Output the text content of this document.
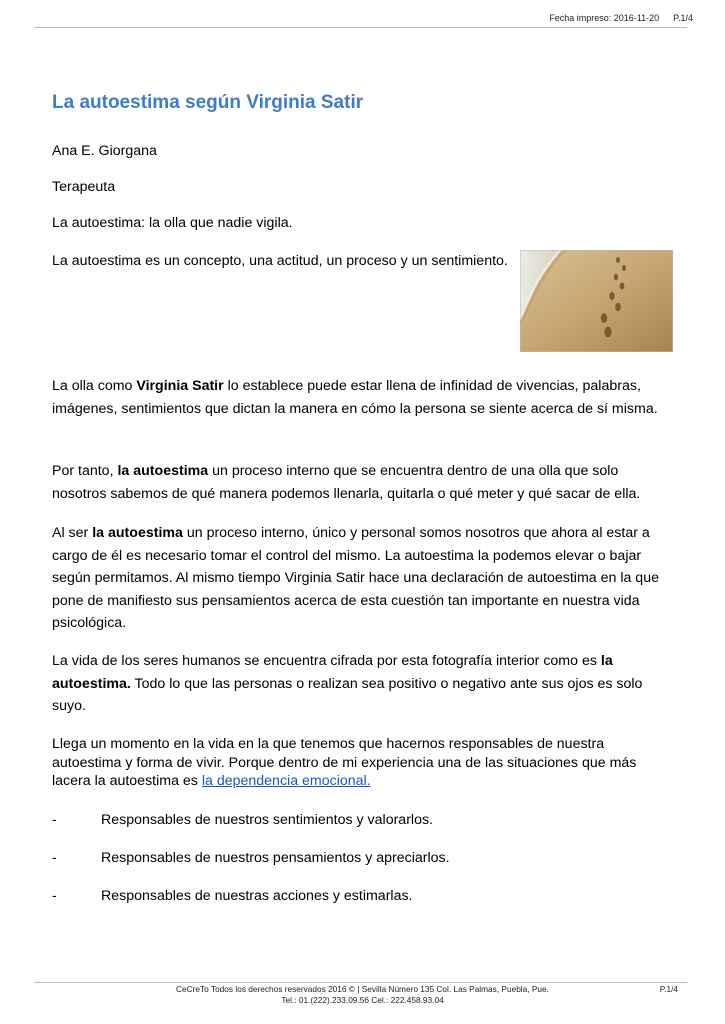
Fecha impreso: 2016-11-20 P.1/4
La autoestima según Virginia Satir

Ana E. Giorgana

Terapeuta

La autoestima: la olla que nadie vigila.

La autoestima es un concepto, una actitud, un proceso y un sentimiento.

La olla como Virginia Satir lo establece puede estar llena de infinidad de vivencias, palabras, imágenes, sentimientos que dictan la manera en cómo la persona se siente acerca de sí misma.

Por tanto, la autoestima un proceso interno que se encuentra dentro de una olla que solo nosotros sabemos de qué manera podemos llenarla, quitarla o qué meter y qué sacar de ella.

Al ser la autoestima un proceso interno, único y personal somos nosotros que ahora al estar a cargo de él es necesario tomar el control del mismo. La autoestima la podemos elevar o bajar según permitamos. Al mismo tiempo Virginia Satir hace una declaración de autoestima en la que pone de manifiesto sus pensamientos acerca de esta cuestión tan importante en nuestra vida psicológica.

La vida de los seres humanos se encuentra cifrada por esta fotografía interior como es la autoestima. Todo lo que las personas o realizan sea positivo o negativo ante sus ojos es solo suyo.

Llega un momento en la vida en la que tenemos que hacernos responsables de nuestra autoestima y forma de vivir. Porque dentro de mi experiencia una de las situaciones que más lacera la autoestima es la dependencia emocional.

-	Responsables de nuestros sentimientos y valorarlos.
-	Responsables de nuestros pensamientos y apreciarlos.
-	Responsables de nuestras acciones y estimarlas.
CeCreTo Todos los derechos reservados 2016 © | Sevilla Número 135 Col. Las Palmas, Puebla, Pue.
Tel.: 01.(222).233.09.56 Cel.: 222.458.93.04
P.1/4
